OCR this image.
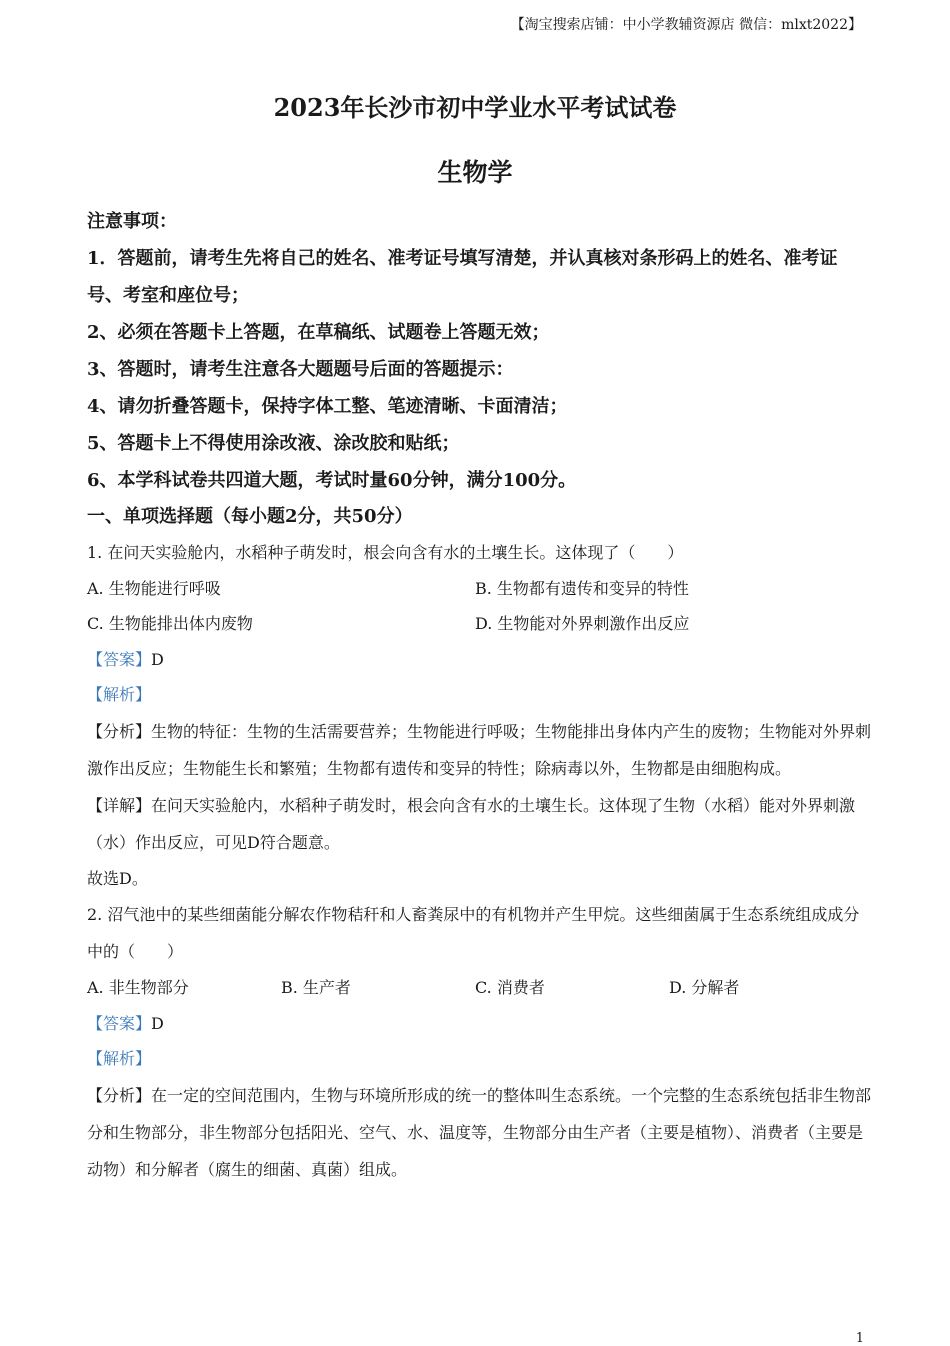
【淘宝搜索店铺：中小学教辅资源店 微信：mlxt2022】
2023年长沙市初中学业水平考试试卷
生物学

注意事项：

1．答题前，请考生先将自己的姓名、准考证号填写清楚，并认真核对条形码上的姓名、准考证号、考室和座位号；

2、必须在答题卡上答题，在草稿纸、试题卷上答题无效；

3、答题时，请考生注意各大题题号后面的答题提示：

4、请勿折叠答题卡，保持字体工整、笔迹清晰、卡面清洁；

5、答题卡上不得使用涂改液、涂改胶和贴纸；

6、本学科试卷共四道大题，考试时量60分钟，满分100分。

一、单项选择题（每小题2分，共50分）

1. 在问天实验舱内，水稻种子萌发时，根会向含有水的土壤生长。这体现了（　　）

A. 生物能进行呼吸	B. 生物都有遗传和变异的特性
C. 生物能排出体内废物	D. 生物能对外界刺激作出反应

【答案】D

【解析】

【分析】生物的特征：生物的生活需要营养；生物能进行呼吸；生物能排出身体内产生的废物；生物能对外界刺激作出反应；生物能生长和繁殖；生物都有遗传和变异的特性；除病毒以外，生物都是由细胞构成。

【详解】在问天实验舱内，水稻种子萌发时，根会向含有水的土壤生长。这体现了生物（水稻）能对外界刺激（水）作出反应，可见D符合题意。

故选D。

2. 沼气池中的某些细菌能分解农作物秸秆和人畜粪尿中的有机物并产生甲烷。这些细菌属于生态系统组成成分中的（　　）

A. 非生物部分	B. 生产者	C. 消费者	D. 分解者

【答案】D

【解析】

【分析】在一定的空间范围内，生物与环境所形成的统一的整体叫生态系统。一个完整的生态系统包括非生物部分和生物部分，非生物部分包括阳光、空气、水、温度等，生物部分由生产者（主要是植物）、消费者（主要是动物）和分解者（腐生的细菌、真菌）组成。

1
